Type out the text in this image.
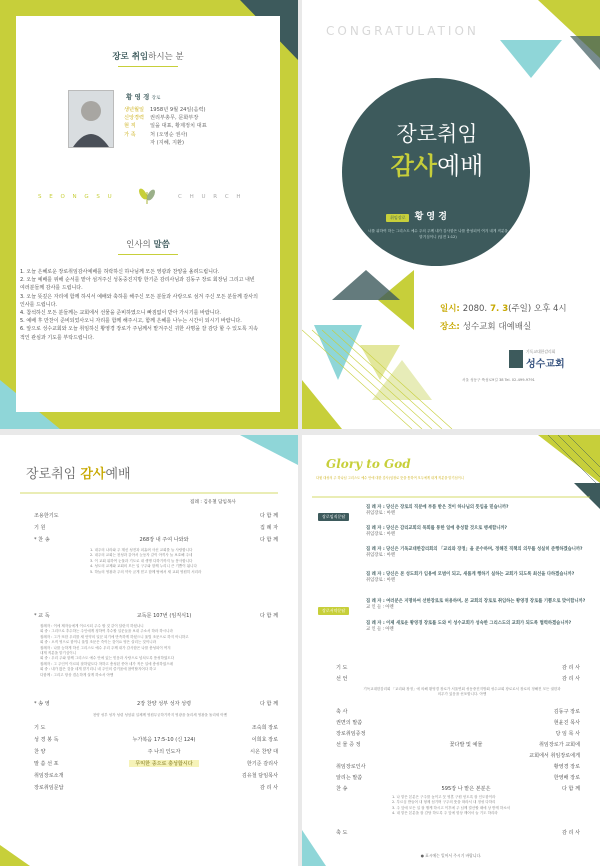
장로 취임하시는 분
황 영 경 장로
생년월일 1958년 9월 24일(음력)
신앙경력 권리부총무, 문화부장
현 직	일을 대표, 황제정치 대표
가 족	처 (오영순 권사)
자 (지혜, 지환)
S E O N G S U	C H U R C H
인사의 말씀
1. 오늘 은혜로운 장로취임감사예배를 허락하신 하나님께 모든 영광과 찬양을 올려드립니다.
2. 오늘 예배를 위해 순서를 맡아 섬겨주신 성동중진지방 한기준 감리사님과 김동구 장로 회장님 그리고 내빈 여러분들께 감사를 드립니다.
3. 오늘 뜻깊은 자리에 함께 하셔서 예배와 축하를 해주신 모든 분들과 사랑으로 섬겨 주신 모든 분들께 감사의 인사를 드립니다.
4. 참석하신 모든 분들께는 교회에서 선물을 준비하였으니 빠짐없이 받아 가시기를 바랍니다.
5. 예배 후 만찬이 준비되었사오니 자리를 함께 해주시고, 함께 은혜를 나누는 시간이 되시기 바랍니다.
6. 앞으로 성수교회와 오늘 취임하신 황영경 장로가 주님께서 맡겨주신 귀한 사명을 잘 감당 할 수 있도록 지속적인 관심과 기도를 부탁드립니다.
CONGRATULATION
장로취임
감사예배
취임장로 황 영 경
너를 위하여 하는 그리스도 예수 주의 주께 내가 감사함은 나를 충성되이 여겨 내게 직분을 맡기심이니 (딤전 1:12)
일시: 2080. 7. 3(주일) 오후 4시
장소: 성수교회 대예배실
기독교대한감리회
성수교회
서울 성동구 뚝섬로9길 38 Tel. 02-499-9791
장로취임 감사예배
집례 : 김유철 담임목사
조용한기도	다 함 께
기 원	집 례 자
* 찬 송	268장 내 주여 나와와	다 함 께
* 교 독	교독문 107번 (임직식1)	다 함 께
* 송 영	2장 찬양 성부 성자 성령	다 함 께
기 도	조숙희 장로
성 경 봉 독	누가복음 17:5-10 (신 124)	이희효 장로
찬 양	주 나의 인도자	시온 찬양 대
말 씀 선 포	무익한 종으로 충성합시다	한기준 감리사
취임장로소개	김유철 담임목사
장로취임문답	감 리 사
1. 내주의 나라와 주 계신 성전과 피흘려 사신 교회를 늘 사랑합니다
2. 내주의 교회는 천성과 같아서 눈동자 같이 아끼사 늘 보호해 주네
3. 이 교회 위하여 눈물과 기도로 내 생명 다하기까지 늘 봉사합니다
4. 성도의 교제와 교회의 모든 일 구주와 함께 누리니 큰 기쁨이 됩니다
5. 하늘의 영광과 주의 약속 굳게 믿고 함께 땅에서 새 교회 영원히 서리라
집례자 : 이에 제자들에게 이르시되 주수 할 것 같이 달란지 하셨나니
회 중 : 그리므로 추수하는 주인에게 청하여 추수할 일꾼들을 보내 주소서 하라 하시니라
집례자 : 그가 또한 우리를 새 언약의 일꾼 되기에 만족하게 하셨으니 율법 조문으로 하지 아니하고
회 중 : 오직 영으로 함이니 율법 조문은 죽이는 것이요 영은 살리는 것이니라
집례자 : 나를 능하게 하신 그리스도 예수 우리 주께 내가 감사함은 나를 충성되이 여겨
내게 직분을 맡기심이니
회 중 : 우리 주와 함께 그리스도 예수 안에 있는 믿음과 사랑으로 넘치도록 풍성하였도다
집례자 : 그 주인이 이르되 잘하였도다 착하고 충성된 종아 네가 적은 일에 충성하였으매
회 중 : 내가 많은 것을 네게 맡기리니 네 주인의 즐거움에 참여할지어다 하고
다함께 : 그리고 항상 겸손하게 살게 하소서 아멘
찬양 성부 성자 성령 성삼위 일체께 영원무궁하기까지 영광을 돌리세 영광을 돌리세 아멘
Glory to God
다윗 대성의 주 하나님 그리스도 예수 안에 대한 감사(임장로 뜻을 통하여 모두에게 내게 직분을 맡기심이니
장로임직문답
장로서약문답
집 례 자 : 당신은 장로의 직분에 부름 받은 것이 하나님의 뜻임을 믿습니까?
취임장로 : 아멘
집 례 자 : 당신은 감리교회의 목회를 통한 일에 충성할 것으로 맹세합니까?
취임장로 : 아멘
집 례 자 : 당신은 기독교대한감리회의 「교리와 장정」을 준수하며, 정해진 직책의 의무를 성실히 준행하겠습니까?
취임장로 : 아멘
집 례 자 : 당신은 본 성도회가 임용에 모범이 되고, 새롭게 행하기 실하는 교회가 되도록 최선을 다하겠습니까?
취임장로 : 아멘
집 례 자 : 여러분은 지명하여 선한장로로 허용하며, 본 교회의 장로로 취임하는 황영경 장로를 기쁨으로 맞이합니까?
교 인 들 : 아멘
집 례 자 : 이제 새로운 황영경 장로를 도와 이 성수교회가 성숙한 그리스도의 교회가 되도록 협력하겠습니까?
교 인 들 : 아멘
기 도	감 리 사
선 언	감 리 사
축 사	김동구 장로
권면의 말씀	현윤진 목사
장로취임증정	당 임 목 사
선 물 증 정	꽃다발 및 예물	취임장로가 교회에
교회에서 취임장로에게
취임장로인사	황영경 장로
알리는 말씀	한영배 장로
찬 송	595장 나 맡은 본분은	다 함 께
축 도	감 리 사
기독교대한감리회 「교리와 장정」에 의해 황영경 장로가 서울연회 성동중진지방회 성수교회 장로로서 장로의 정해진 모든 권한과 의무가 있음을 선포합니다. 아멘
1. 나 맡은 본분은 구주를 높이고 뭇 영혼 구원 얻도록 잘 인도함이라
2. 부르심 받들어 내 형제 섬기며 구주의 뜻을 따라서 내 정성 다하리
3. 주 앞에 모든 일 잘 행케 하시고 이후에 주 님께 결산할 때에 상 받게 하소서
4. 내 맡은 본분을 잘 감당 하도록 주 앞에 항상 깨어서 늘 기도 하리라
● 표시에는 일어서 주시기 바랍니다.
